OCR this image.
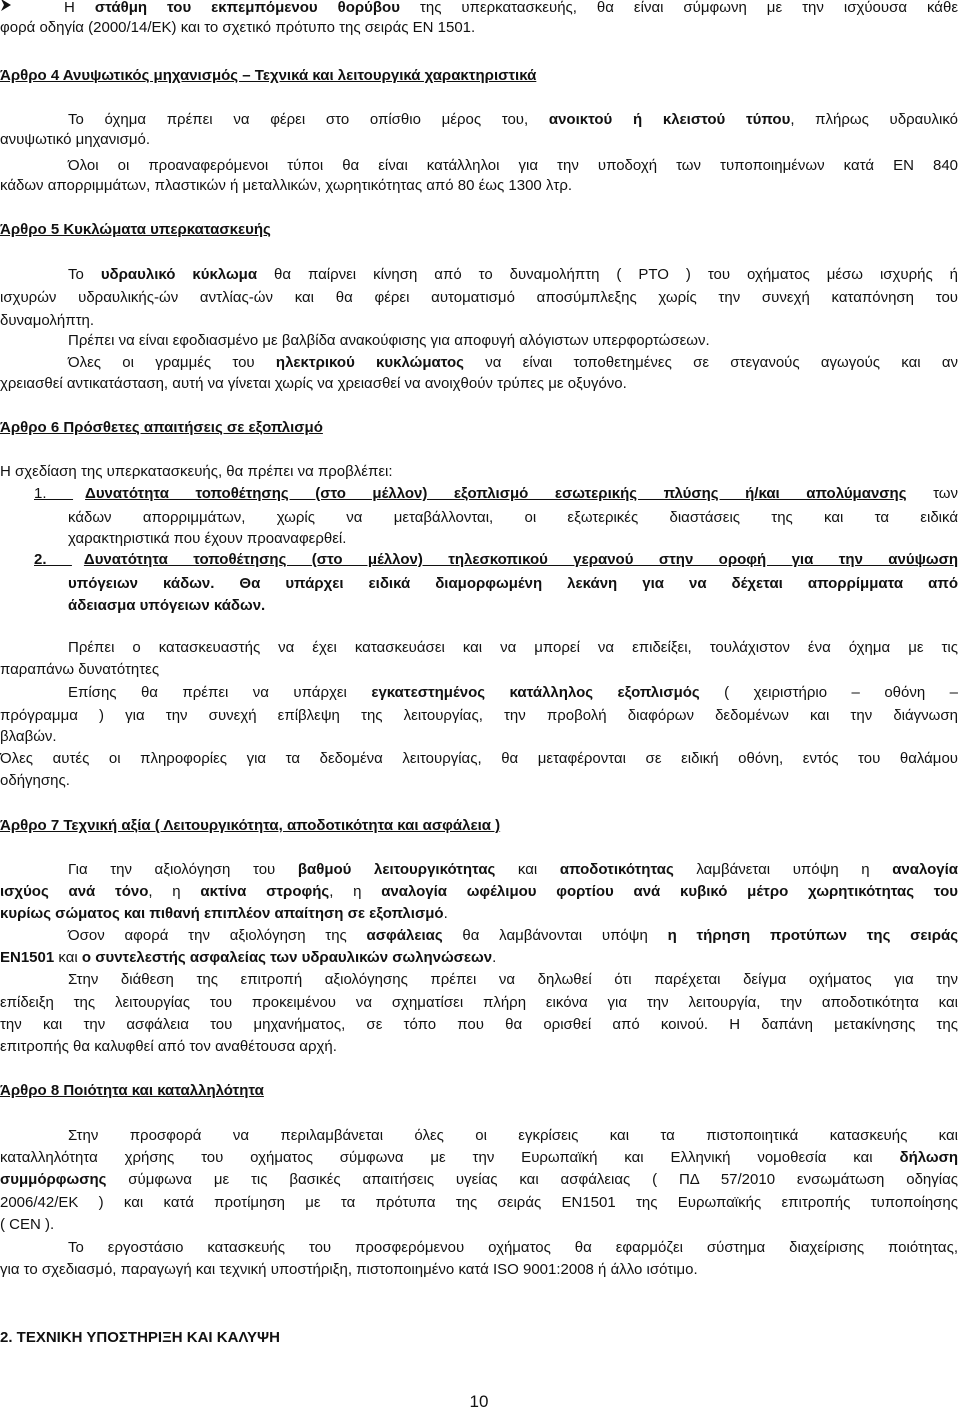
Η στάθμη του εκπεμπόμενου θορύβου της υπερκατασκευής, θα είναι σύμφωνη με την ισχύουσα κάθε
φορά οδηγία (2000/14/ΕΚ) και το σχετικό πρότυπο της σειράς ΕΝ 1501.
Άρθρο 4 Ανυψωτικός μηχανισμός – Τεχνικά και λειτουργικά χαρακτηριστικά
Το όχημα πρέπει να φέρει στο οπίσθιο μέρος του, ανοικτού ή κλειστού τύπου, πλήρως υδραυλικό
ανυψωτικό μηχανισμό.
Όλοι οι προαναφερόμενοι τύποι θα είναι κατάλληλοι για την υποδοχή των τυποποιημένων κατά ΕΝ 840
κάδων απορριμμάτων, πλαστικών ή μεταλλικών, χωρητικότητας από 80 έως 1300 λτρ.
Άρθρο 5 Κυκλώματα υπερκατασκευής
Το υδραυλικό κύκλωμα θα παίρνει κίνηση από το δυναμολήπτη ( PTO ) του οχήματος μέσω ισχυρής ή
ισχυρών υδραυλικής-ών αντλίας-ών και θα φέρει αυτοματισμό αποσύμπλεξης χωρίς την συνεχή καταπόνηση του
δυναμολήπτη.
Πρέπει να είναι εφοδιασμένο με βαλβίδα ανακούφισης για αποφυγή αλόγιστων υπερφορτώσεων.
Όλες οι γραμμές του ηλεκτρικού κυκλώματος να είναι τοποθετημένες σε στεγανούς αγωγούς και αν
χρειασθεί αντικατάσταση, αυτή να γίνεται χωρίς να χρειασθεί να ανοιχθούν τρύπες με οξυγόνο.
Άρθρο 6 Πρόσθετες απαιτήσεις σε εξοπλισμό
Η σχεδίαση της υπερκατασκευής, θα πρέπει να προβλέπει:
1. Δυνατότητα τοποθέτησης (στο μέλλον) εξοπλισμό εσωτερικής πλύσης ή/και απολύμανσης των
κάδων απορριμμάτων, χωρίς να μεταβάλλονται, οι εξωτερικές διαστάσεις της και τα ειδικά
χαρακτηριστικά που έχουν προαναφερθεί.
2. Δυνατότητα τοποθέτησης (στο μέλλον) τηλεσκοπικού γερανού στην οροφή για την ανύψωση
υπόγειων κάδων. Θα υπάρχει ειδικά διαμορφωμένη λεκάνη για να δέχεται απορρίμματα από
άδειασμα υπόγειων κάδων.
Πρέπει ο κατασκευαστής να έχει κατασκευάσει και να μπορεί να επιδείξει, τουλάχιστον ένα όχημα με τις
παραπάνω δυνατότητες
Επίσης θα πρέπει να υπάρχει εγκατεστημένος κατάλληλος εξοπλισμός ( χειριστήριο – οθόνη –
πρόγραμμα ) για την συνεχή επίβλεψη της λειτουργίας, την προβολή διαφόρων δεδομένων και την διάγνωση
βλαβών.
Όλες αυτές οι πληροφορίες για τα δεδομένα λειτουργίας, θα μεταφέρονται σε ειδική οθόνη, εντός του θαλάμου
οδήγησης.
Άρθρο 7 Τεχνική αξία ( Λειτουργικότητα, αποδοτικότητα και ασφάλεια )
Για την αξιολόγηση του βαθμού λειτουργικότητας και αποδοτικότητας λαμβάνεται υπόψη η αναλογία
ισχύος ανά τόνο, η ακτίνα στροφής, η αναλογία ωφέλιμου φορτίου ανά κυβικό μέτρο χωρητικότητας του
κυρίως σώματος και πιθανή επιπλέον απαίτηση σε εξοπλισμό.
Όσον αφορά την αξιολόγηση της ασφάλειας θα λαμβάνονται υπόψη η τήρηση προτύπων της σειράς
EN1501 και ο συντελεστής ασφαλείας των υδραυλικών σωληνώσεων.
Στην διάθεση της επιτροπή αξιολόγησης πρέπει να δηλωθεί ότι παρέχεται δείγμα οχήματος για την
επίδειξη της λειτουργίας του προκειμένου να σχηματίσει πλήρη εικόνα για την λειτουργία, την αποδοτικότητα και
την και την ασφάλεια του μηχανήματος, σε τόπο που θα ορισθεί από κοινού. Η δαπάνη μετακίνησης της
επιτροπής θα καλυφθεί από τον αναθέτουσα αρχή.
Άρθρο 8 Ποιότητα και καταλληλότητα
Στην προσφορά να περιλαμβάνεται όλες οι εγκρίσεις και τα πιστοποιητικά κατασκευής και
καταλληλότητα χρήσης του οχήματος σύμφωνα με την Ευρωπαϊκή και Ελληνική νομοθεσία και δήλωση
συμμόρφωσης σύμφωνα με τις βασικές απαιτήσεις υγείας και ασφάλειας ( ΠΔ 57/2010 ενσωμάτωση οδηγίας
2006/42/ΕΚ ) και κατά προτίμηση με τα πρότυπα της σειράς EN1501 της Ευρωπαϊκής επιτροπής τυποποίησης
( CEN ).
Το εργοστάσιο κατασκευής του προσφερόμενου οχήματος θα εφαρμόζει σύστημα διαχείρισης ποιότητας,
για το σχεδιασμό, παραγωγή και τεχνική υποστήριξη, πιστοποιημένο κατά ISO 9001:2008 ή άλλο ισότιμο.
2. ΤΕΧΝΙΚΗ ΥΠΟΣΤΗΡΙΞΗ ΚΑΙ ΚΑΛΥΨΗ
10
